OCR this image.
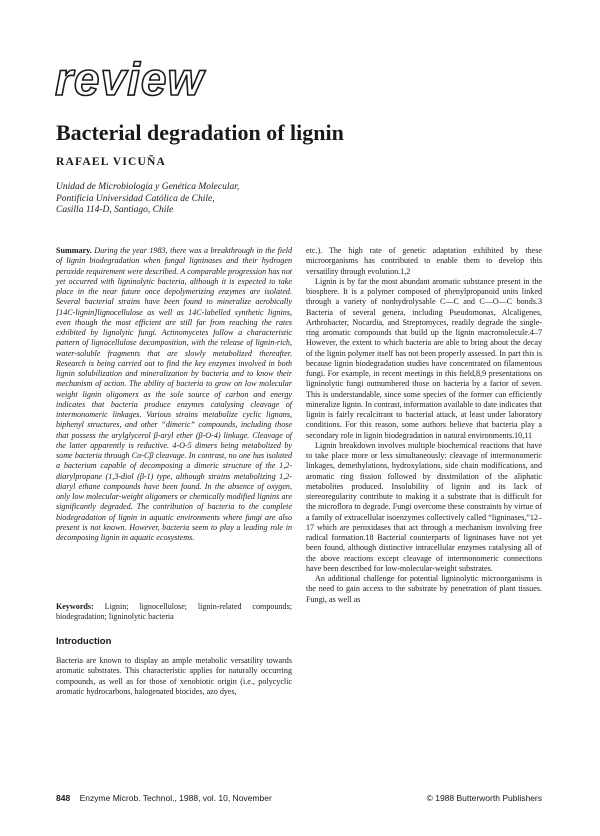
review
Bacterial degradation of lignin
RAFAEL VICUÑA
Unidad de Microbiología y Genética Molecular,
Pontificia Universidad Católica de Chile,
Casilla 114-D, Santiago, Chile
Summary. During the year 1983, there was a breakthrough in the field of lignin biodegradation when fungal ligninases and their hydrogen peroxide requirement were described. A comparable progression has not yet occurred with ligninolytic bacteria, although it is expected to take place in the near future once depolymerizing enzymes are isolated. Several bacterial strains have been found to mineralize aerobically [14C-lignin]lignocellulose as well as 14C-labelled synthetic lignins, even though the most efficient are still far from reaching the rates exhibited by lignolytic fungi. Actinomycetes follow a characteristic pattern of lignocellulose decomposition, with the release of lignin-rich, water-soluble fragments that are slowly metabolized thereafter. Research is being carried out to find the key enzymes involved in both lignin solubilization and mineralization by bacteria and to know their mechanism of action. The ability of bacteria to grow on low molecular weight lignin oligomers as the sole source of carbon and energy indicates that bacteria produce enzymes catalysing cleavage of intermonomeric linkages. Various strains metabolize cyclic lignans, biphenyl structures, and other “dimeric” compounds, including those that possess the arylglycerol β-aryl ether (β-O-4) linkage. Cleavage of the latter apparently is reductive. 4-O-5 dimers being metabolized by some bacteria through Cα-Cβ cleavage. In contrast, no one has isolated a bacterium capable of decomposing a dimeric structure of the 1,2-diarylpropane (1,3-diol (β-1) type, although strains metabolizing 1,2-diaryl ethane compounds have been found. In the absence of oxygen, only low molecular-weight oligomers or chemically modified lignins are significantly degraded. The contribution of bacteria to the complete biodegradation of lignin in aquatic environments where fungi are also present is not known. However, bacteria seem to play a leading role in decomposing lignin in aquatic ecosystems.
Keywords: Lignin; lignocellulose; lignin-related compounds; biodegradation; ligninolytic bacteria
Introduction
Bacteria are known to display an ample metabolic versatility towards aromatic substrates. This characteristic applies for naturally occurring compounds, as well as for those of xenobiotic origin (i.e., polycyclic aromatic hydrocarbons, halogenated biocides, azo dyes,

etc.). The high rate of genetic adaptation exhibited by these microorganisms has contributed to enable them to develop this versatility through evolution.1,2

Lignin is by far the most abundant aromatic substance present in the biosphere. It is a polymer composed of phenylpropanoid units linked through a variety of nonhydrolysable C—C and C—O—C bonds.3 Bacteria of several genera, including Pseudomonas, Alcaligenes, Arthrobacter, Nocardia, and Streptomyces, readily degrade the single-ring aromatic compounds that build up the lignin macromolecule.4–7 However, the extent to which bacteria are able to bring about the decay of the lignin polymer itself has not been properly assessed. In part this is because lignin biodegradation studies have concentrated on filamentous fungi. For example, in recent meetings in this field,8,9 presentations on ligninolytic fungi outnumbered those on bacteria by a factor of seven. This is understandable, since some species of the former can efficiently mineralize lignin. In contrast, information available to date indicates that lignin is fairly recalcitrant to bacterial attack, at least under laboratory conditions. For this reason, some authors believe that bacteria play a secondary role in lignin biodegradation in natural environments.10,11

Lignin breakdown involves multiple biochemical reactions that have to take place more or less simultaneously: cleavage of intermonomeric linkages, demethylations, hydroxylations, side chain modifications, and aromatic ring fission followed by dissimilation of the aliphatic metabolites produced. Insolubility of lignin and its lack of stereoregularity contribute to making it a substrate that is difficult for the microflora to degrade. Fungi overcome these constraints by virtue of a family of extracellular isoenzymes collectively called “ligninases,”12–17 which are peroxidases that act through a mechanism involving free radical formation.18 Bacterial counterparts of ligninases have not yet been found, although distinctive intracellular enzymes catalysing all of the above reactions except cleavage of intermonomeric connections have been described for low-molecular-weight substrates.

An additional challenge for potential ligninolytic microorganisms is the need to gain access to the substrate by penetration of plant tissues. Fungi, as well as

848 Enzyme Microb. Technol., 1988, vol. 10, November	© 1988 Butterworth Publishers
